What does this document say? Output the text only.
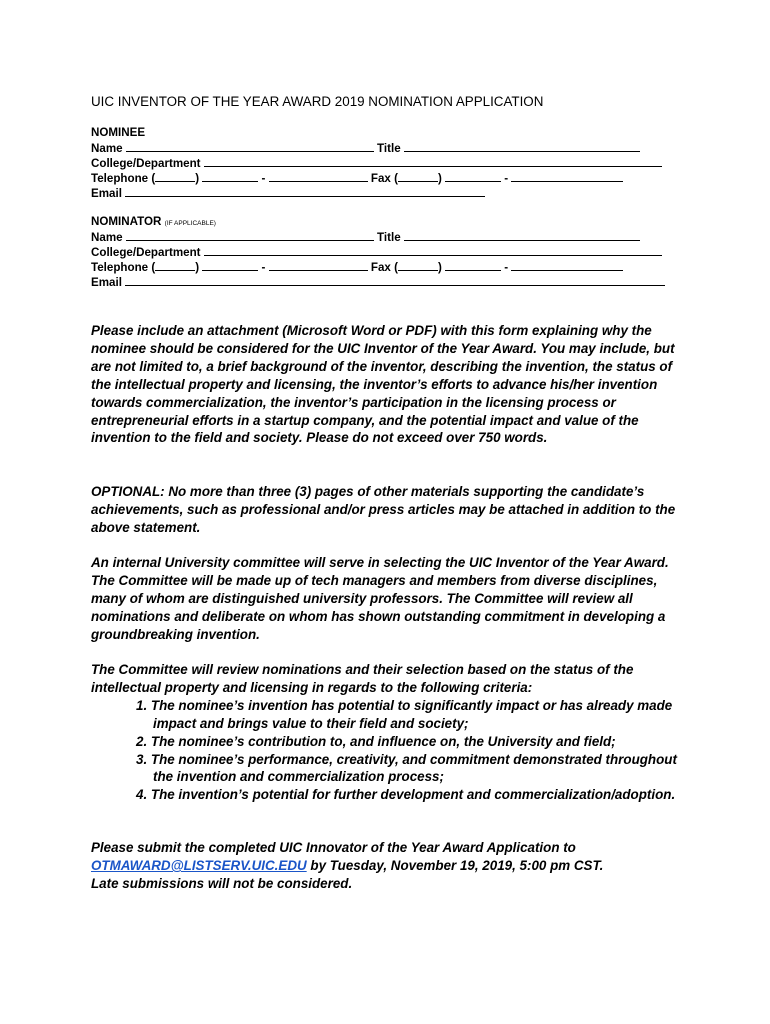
UIC INVENTOR OF THE YEAR AWARD 2019 NOMINATION APPLICATION
NOMINEE
Name	Title
College/Department
Telephone (	)	-	Fax (	)	-
Email
NOMINATOR (IF APPLICABLE)
Name	Title
College/Department
Telephone (	)	-	Fax (	)	-
Email

Please include an attachment (Microsoft Word or PDF) with this form explaining why the nominee should be considered for the UIC Inventor of the Year Award. You may include, but are not limited to, a brief background of the inventor, describing the invention, the status of the intellectual property and licensing, the inventor’s efforts to advance his/her invention towards commercialization, the inventor’s participation in the licensing process or entrepreneurial efforts in a startup company, and the potential impact and value of the invention to the field and society. Please do not exceed over 750 words.

OPTIONAL: No more than three (3) pages of other materials supporting the candidate’s achievements, such as professional and/or press articles may be attached in addition to the above statement.

An internal University committee will serve in selecting the UIC Inventor of the Year Award. The Committee will be made up of tech managers and members from diverse disciplines, many of whom are distinguished university professors. The Committee will review all nominations and deliberate on whom has shown outstanding commitment in developing a groundbreaking invention.

The Committee will review nominations and their selection based on the status of the intellectual property and licensing in regards to the following criteria:

1. The nominee’s invention has potential to significantly impact or has already made impact and brings value to their field and society;
2. The nominee’s contribution to, and influence on, the University and field;
3. The nominee’s performance, creativity, and commitment demonstrated throughout the invention and commercialization process;
4. The invention’s potential for further development and commercialization/adoption.

Please submit the completed UIC Innovator of the Year Award Application to OTMAWARD@LISTSERV.UIC.EDU by Tuesday, November 19, 2019, 5:00 pm CST.

Late submissions will not be considered.
